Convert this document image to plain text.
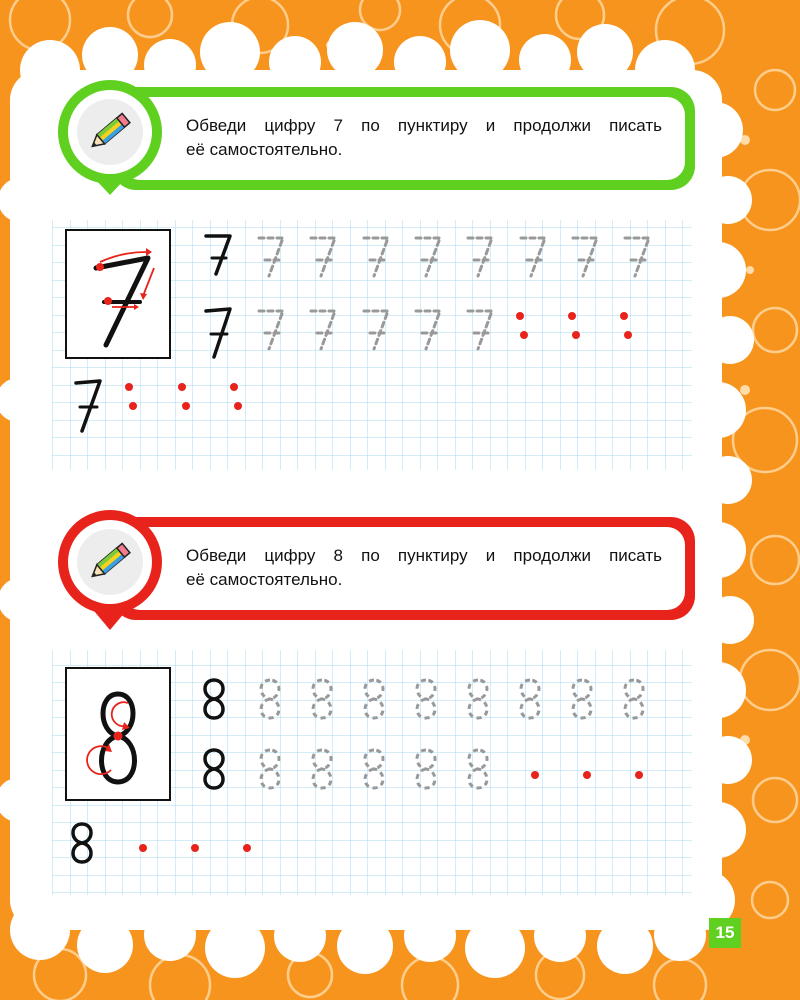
Обведи цифру 7 по пунктиру и продолжи писать
её самостоятельно.
Обведи цифру 8 по пунктиру и продолжи писать
её самостоятельно.
15
